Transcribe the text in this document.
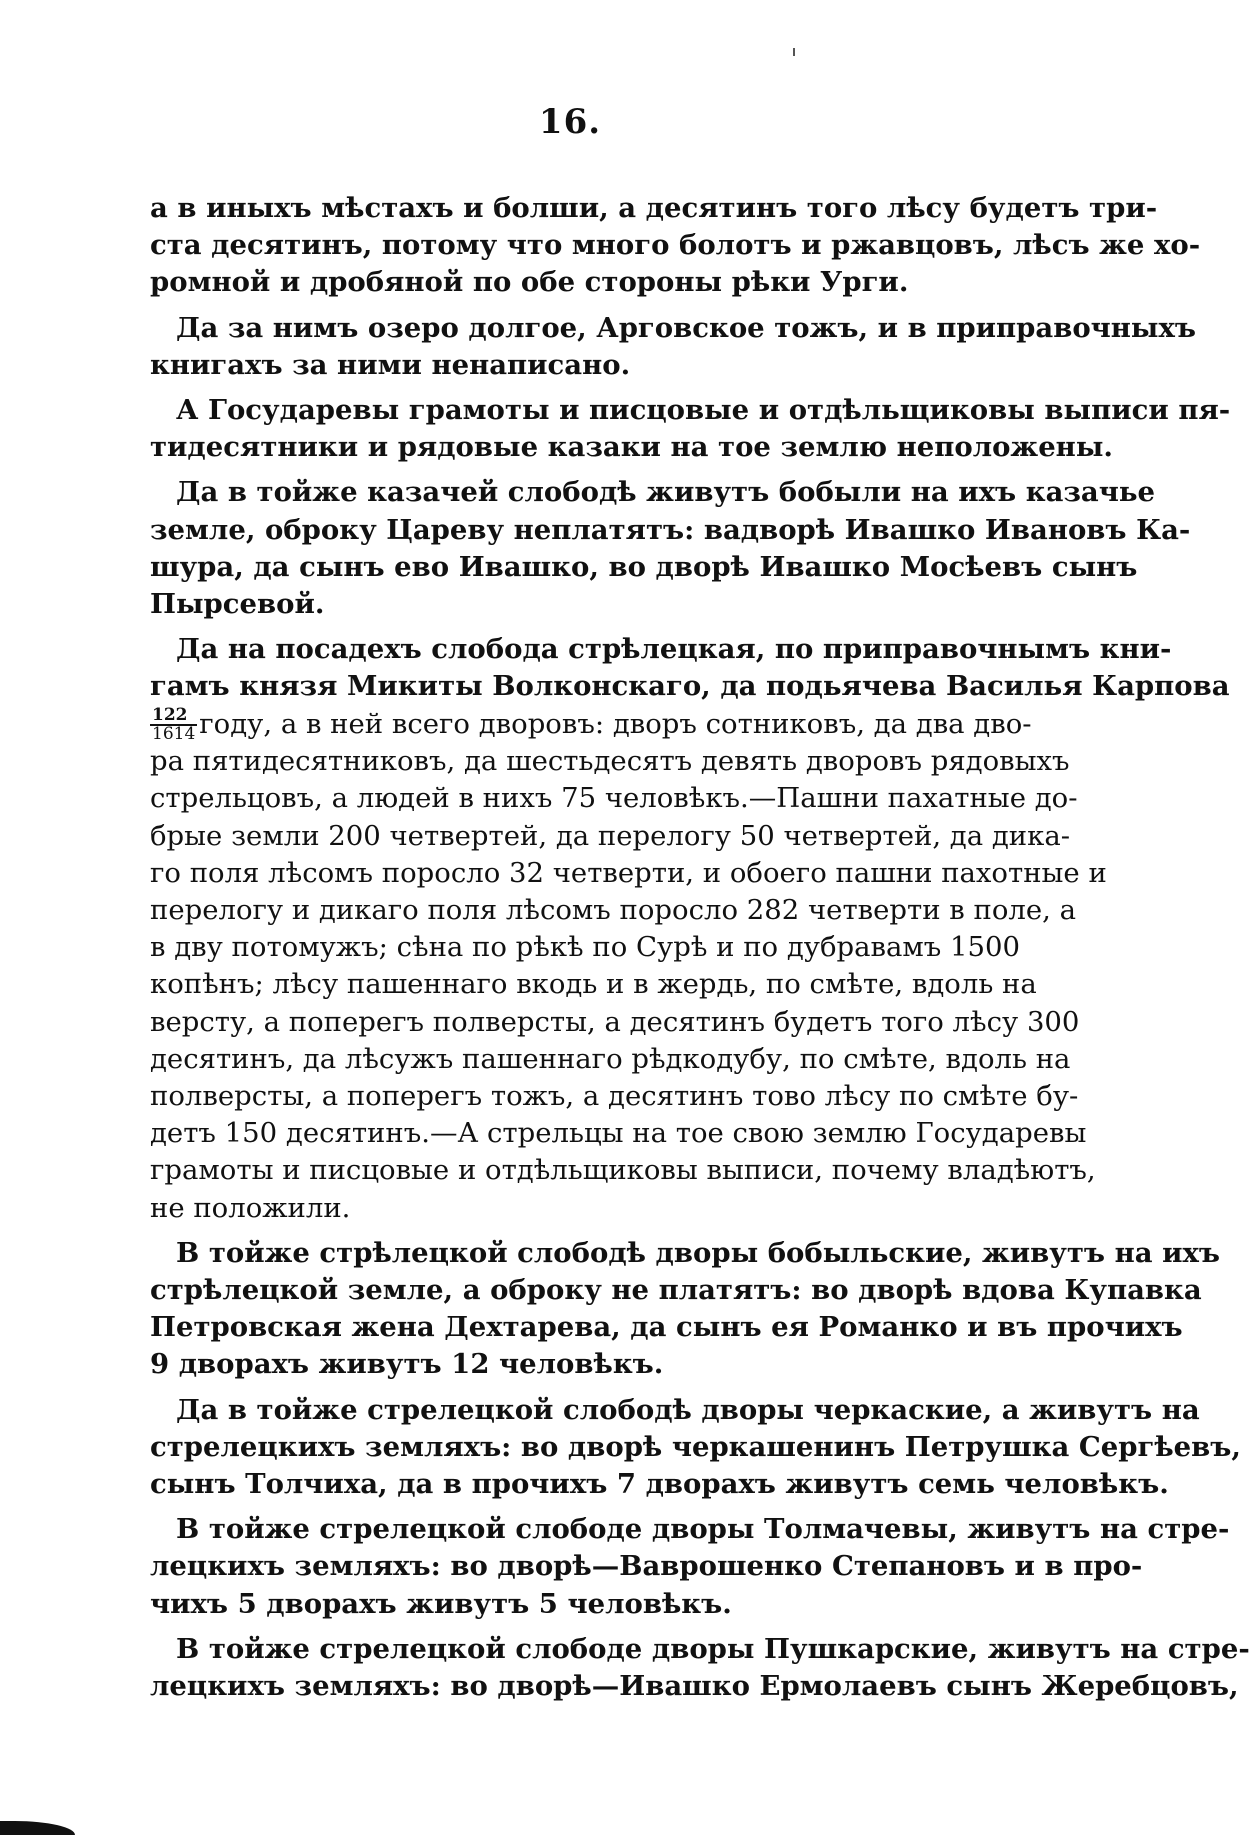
16.

а в иныхъ мѣстахъ и болши, а десятинъ того лѣсу будетъ три-
ста десятинъ, потому что много болотъ и ржавцовъ, лѣсъ же хо-
ромной и дробяной по обе стороны рѣки Урги.

Да за нимъ озеро долгое, Арговское тожъ, и в приправочныхъ
книгахъ за ними ненаписано.

А Государевы грамоты и писцовые и отдѣльщиковы выписи пя-
тидесятники и рядовые казаки на тое землю неположены.

Да в тойже казачей слободѣ живутъ бобыли на ихъ казачье
земле, оброку Цареву неплатятъ: вадворѣ Ивашко Ивановъ Ка-
шура, да сынъ ево Ивашко, во дворѣ Ивашко Мосѣевъ сынъ
Пырсевой.

Да на посадехъ слобода стрѣлецкая, по приправочнымъ кни-
гамъ князя Микиты Волконскаго, да подьячева Василья Карпова
$\frac{122}{1614}$ году, а в ней всего дворовъ: дворъ сотниковъ, да два дво-
ра пятидесятниковъ, да шестьдесятъ девять дворовъ рядовыхъ
стрельцовъ, а людей в нихъ 75 человѣкъ.—Пашни пахатные до-
брые земли 200 четвертей, да перелогу 50 четвертей, да дика-
го поля лѣсомъ поросло 32 четверти, и обоего пашни пахотные и
перелогу и дикаго поля лѣсомъ поросло 282 четверти в поле, а
в дву потомужъ; сѣна по рѣкѣ по Сурѣ и по дубравамъ 1500
копѣнъ; лѣсу пашеннаго вкодь и в жердь, по смѣте, вдоль на
версту, а поперегъ полверсты, а десятинъ будетъ того лѣсу 300
десятинъ, да лѣсужъ пашеннаго рѣдкодубу, по смѣте, вдоль на
полверсты, а поперегъ тожъ, а десятинъ тово лѣсу по смѣте бу-
детъ 150 десятинъ.—А стрельцы на тое свою землю Государевы
грамоты и писцовые и отдѣльщиковы выписи, почему владѣютъ,
не положили.

В тойже стрѣлецкой слободѣ дворы бобыльские, живутъ на ихъ
стрѣлецкой земле, а оброку не платятъ: во дворѣ вдова Купавка
Петровская жена Дехтарева, да сынъ ея Романко и въ прочихъ
9 дворахъ живутъ 12 человѣкъ.

Да в тойже стрелецкой слободѣ дворы черкаские, а живутъ на
стрелецкихъ земляхъ: во дворѣ черкашенинъ Петрушка Сергѣевъ,
сынъ Толчиха, да в прочихъ 7 дворахъ живутъ семь человѣкъ.

В тойже стрелецкой слободе дворы Толмачевы, живутъ на стре-
лецкихъ земляхъ: во дворѣ—Ваврошенко Степановъ и в про-
чихъ 5 дворахъ живутъ 5 человѣкъ.

В тойже стрелецкой слободе дворы Пушкарские, живутъ на стре-
лецкихъ земляхъ: во дворѣ—Ивашко Ермолаевъ сынъ Жеребцовъ,
